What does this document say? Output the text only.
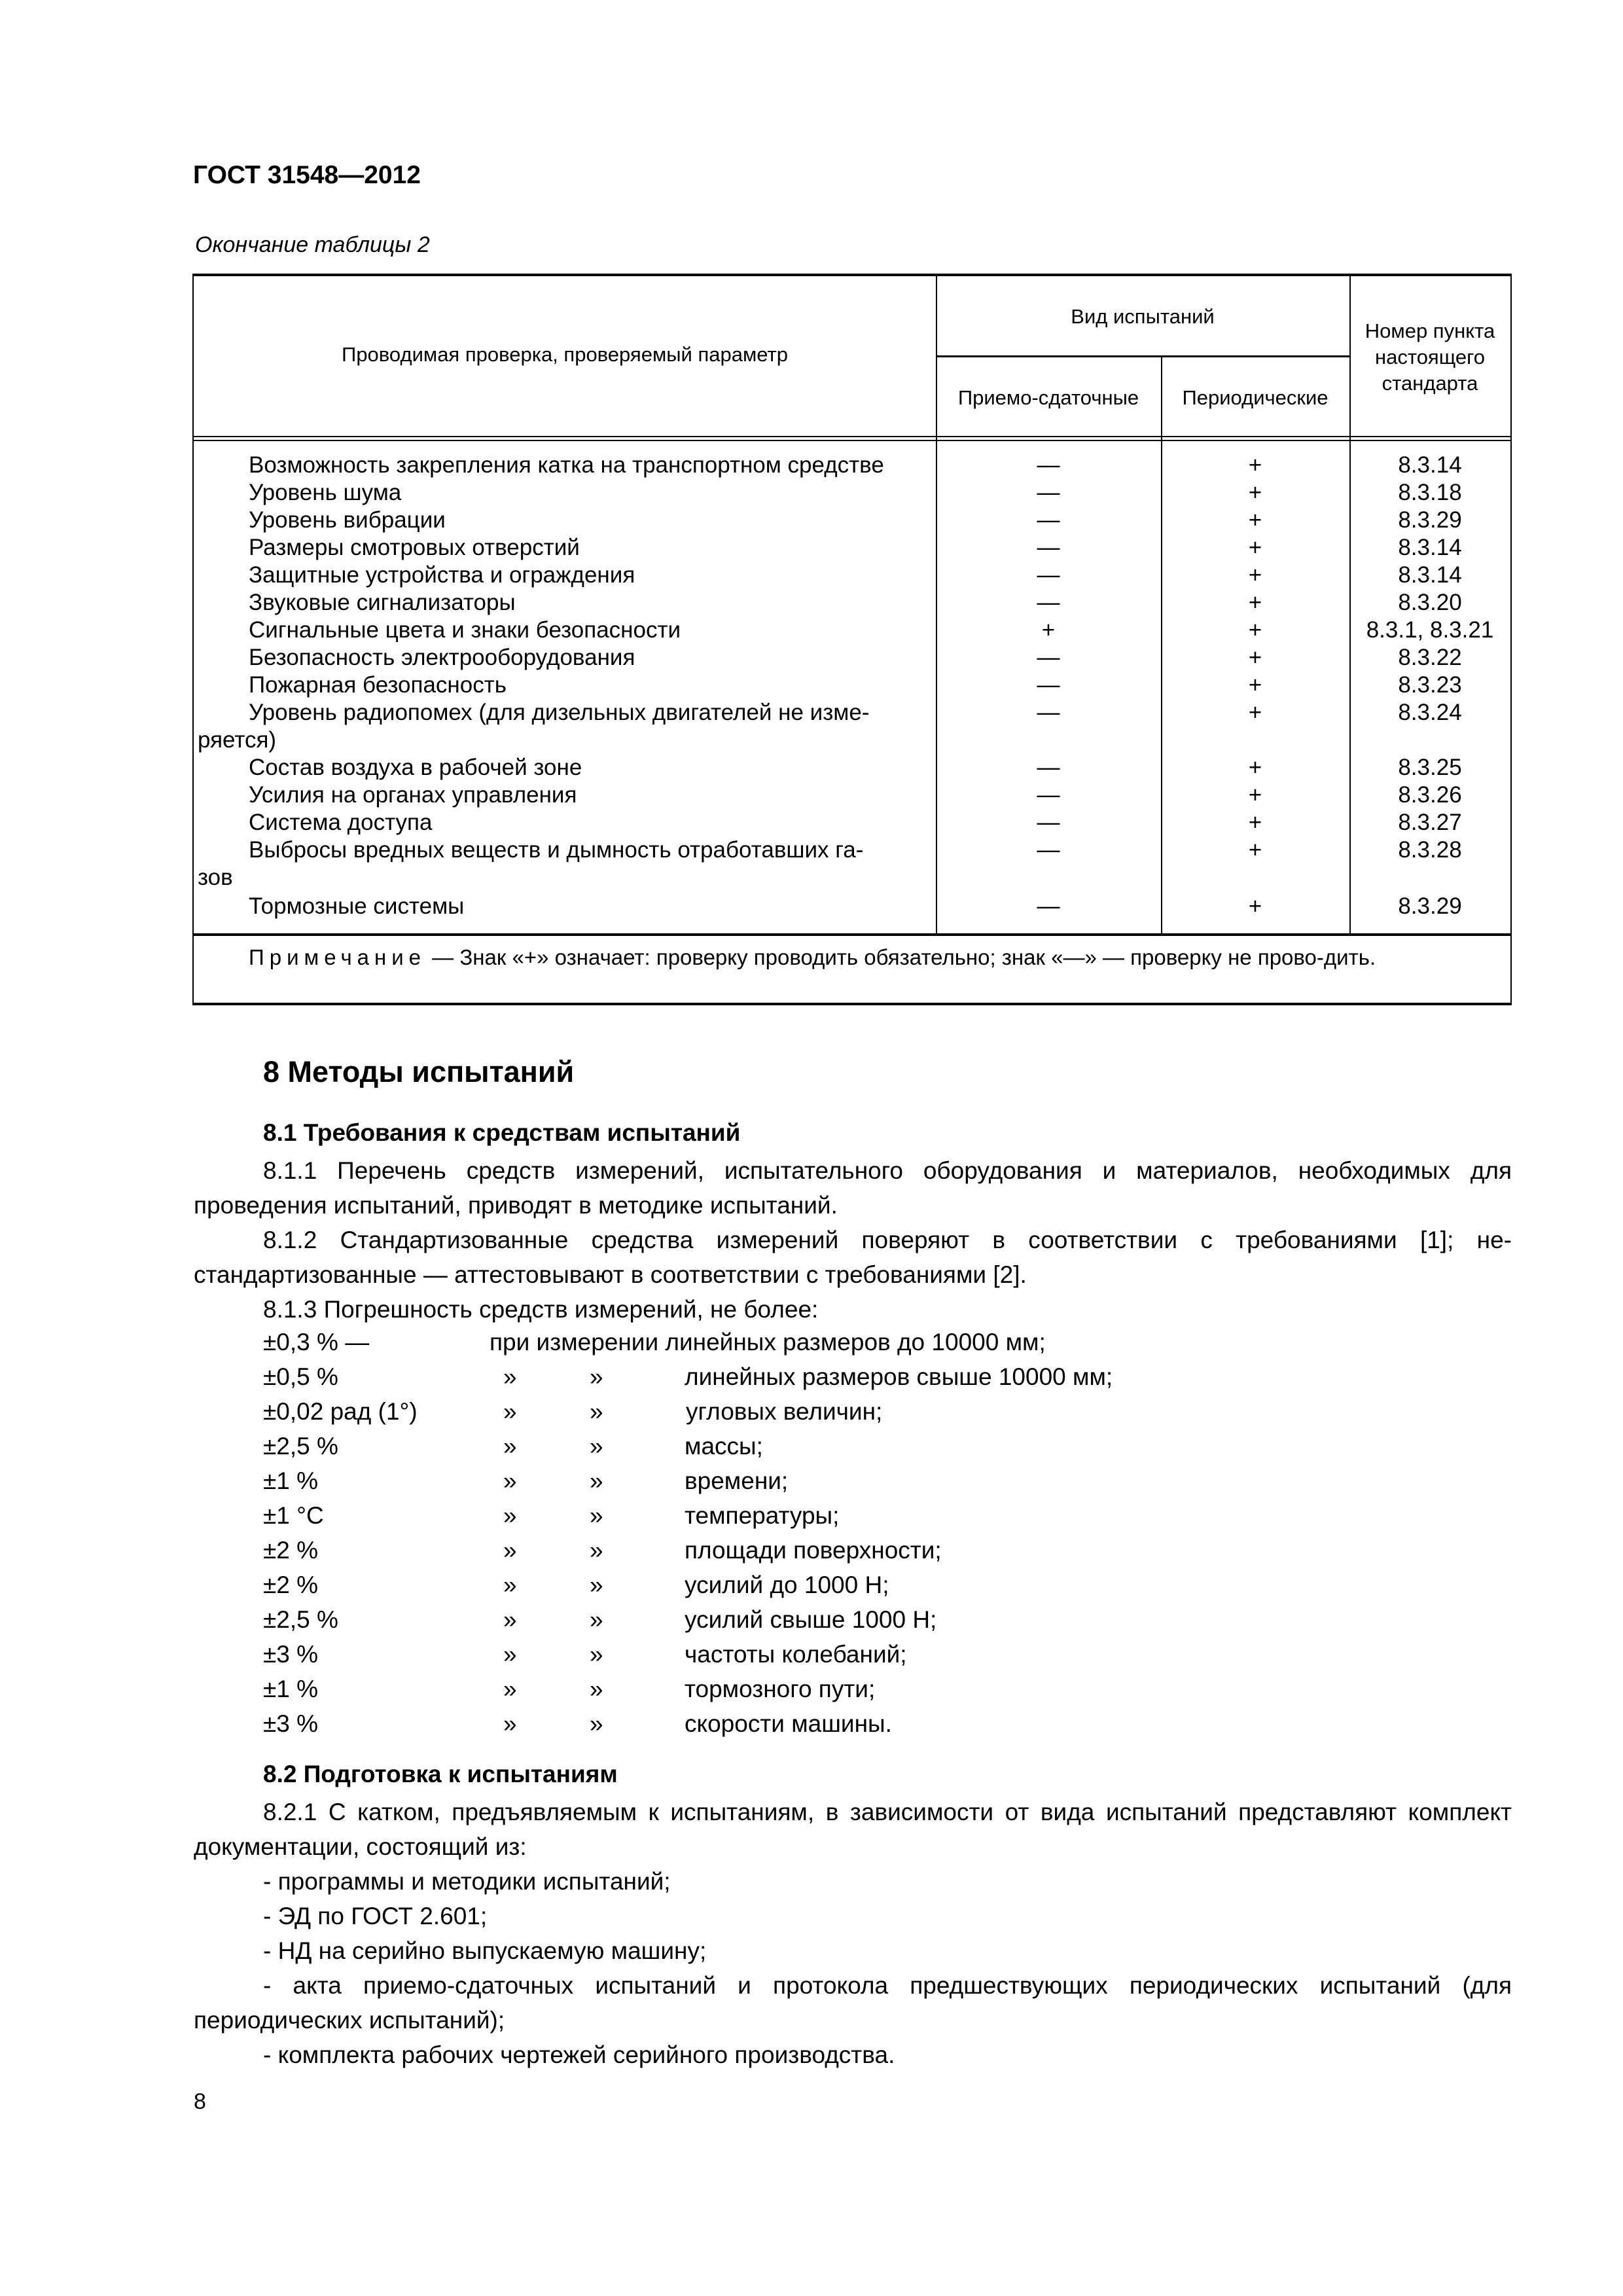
ГОСТ 31548—2012
Окончание таблицы 2
Проводимая проверка, проверяемый параметр
Вид испытаний
Приемо-сдаточные	Периодические
Номер пункта
настоящего
стандарта
Возможность закрепления катка на транспортном средстве	—	+	8.3.14
Уровень шума	—	+	8.3.18
Уровень вибрации	—	+	8.3.29
Размеры смотровых отверстий	—	+	8.3.14
Защитные устройства и ограждения	—	+	8.3.14
Звуковые сигнализаторы	—	+	8.3.20
Сигнальные цвета и знаки безопасности	+	+	8.3.1, 8.3.21
Безопасность электрооборудования	—	+	8.3.22
Пожарная безопасность	—	+	8.3.23
Уровень радиопомех (для дизельных двигателей не изме-
ряется)
—	+	8.3.24
Состав воздуха в рабочей зоне	—	+	8.3.25
Усилия на органах управления	—	+	8.3.26
Система доступа	—	+	8.3.27
Выбросы вредных веществ и дымность отработавших га-
зов
—	+	8.3.28
Тормозные системы	—	+	8.3.29
Примечание — Знак «+» означает: проверку проводить обязательно; знак «—» — проверку не прово-дить.
8 Методы испытаний
8.1 Требования к средствам испытаний
8.1.1 Перечень средств измерений, испытательного оборудования и материалов, необходимых для проведения испытаний, приводят в методике испытаний.
8.1.2 Стандартизованные средства измерений поверяют в соответствии с требованиями [1]; не-стандартизованные — аттестовывают в соответствии с требованиями [2].
8.1.3 Погрешность средств измерений, не более:
±0,3 % —	при измерении линейных размеров до 10000 мм;
±0,5 %	»	»	линейных размеров свыше 10000 мм;
±0,02 рад (1°)	»	»	угловых величин;
±2,5 %	»	»	массы;
±1 %	»	»	времени;
±1 °С	»	»	температуры;
±2 %	»	»	площади поверхности;
±2 %	»	»	усилий до 1000 Н;
±2,5 %	»	»	усилий свыше 1000 Н;
±3 %	»	»	частоты колебаний;
±1 %	»	»	тормозного пути;
±3 %	»	»	скорости машины.
8.2 Подготовка к испытаниям
8.2.1 С катком, предъявляемым к испытаниям, в зависимости от вида испытаний представляют комплект документации, состоящий из:
- программы и методики испытаний;
- ЭД по ГОСТ 2.601;
- НД на серийно выпускаемую машину;
- акта приемо-сдаточных испытаний и протокола предшествующих периодических испытаний (для периодических испытаний);
- комплекта рабочих чертежей серийного производства.
8
